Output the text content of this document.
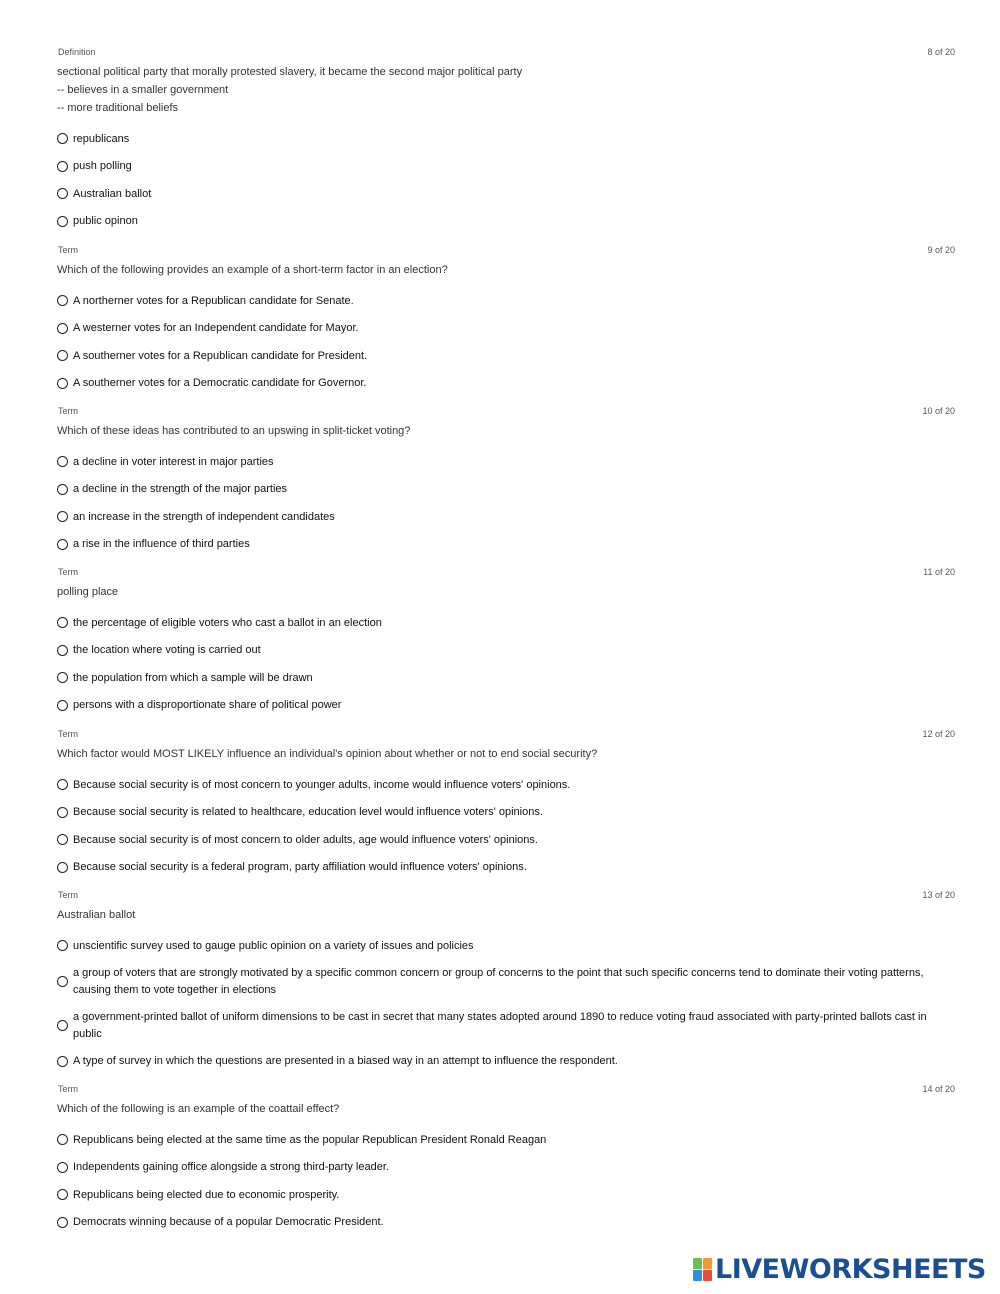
Definition	8 of 20
sectional political party that morally protested slavery, it became the second major political party
-- believes in a smaller government
-- more traditional beliefs
republicans
push polling
Australian ballot
public opinon
Term	9 of 20
Which of the following provides an example of a short-term factor in an election?
A northerner votes for a Republican candidate for Senate.
A westerner votes for an Independent candidate for Mayor.
A southerner votes for a Republican candidate for President.
A southerner votes for a Democratic candidate for Governor.
Term	10 of 20
Which of these ideas has contributed to an upswing in split-ticket voting?
a decline in voter interest in major parties
a decline in the strength of the major parties
an increase in the strength of independent candidates
a rise in the influence of third parties
Term	11 of 20
polling place
the percentage of eligible voters who cast a ballot in an election
the location where voting is carried out
the population from which a sample will be drawn
persons with a disproportionate share of political power
Term	12 of 20
Which factor would MOST LIKELY influence an individual's opinion about whether or not to end social security?
Because social security is of most concern to younger adults, income would influence voters' opinions.
Because social security is related to healthcare, education level would influence voters' opinions.
Because social security is of most concern to older adults, age would influence voters' opinions.
Because social security is a federal program, party affiliation would influence voters' opinions.
Term	13 of 20
Australian ballot
unscientific survey used to gauge public opinion on a variety of issues and policies
a group of voters that are strongly motivated by a specific common concern or group of concerns to the point that such specific concerns tend to dominate their voting patterns, causing them to vote together in elections
a government-printed ballot of uniform dimensions to be cast in secret that many states adopted around 1890 to reduce voting fraud associated with party-printed ballots cast in public
A type of survey in which the questions are presented in a biased way in an attempt to influence the respondent.
Term	14 of 20
Which of the following is an example of the coattail effect?
Republicans being elected at the same time as the popular Republican President Ronald Reagan
Independents gaining office alongside a strong third-party leader.
Republicans being elected due to economic prosperity.
Democrats winning because of a popular Democratic President.
LIVEWORKSHEETS
